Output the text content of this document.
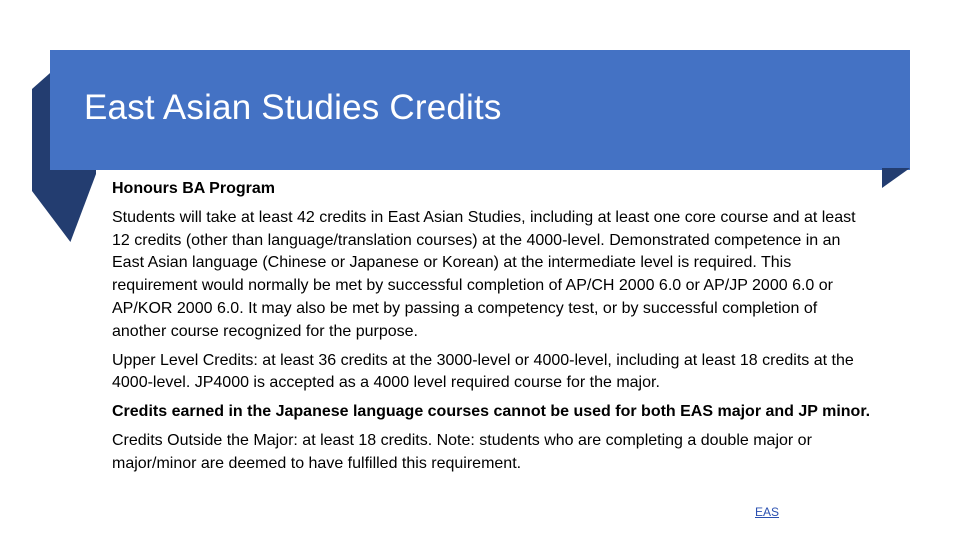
East Asian Studies Credits

Honours BA Program

Students will take at least 42 credits in East Asian Studies, including at least one core course and at least 12 credits (other than language/translation courses) at the 4000-level. Demonstrated competence in an East Asian language (Chinese or Japanese or Korean) at the intermediate level is required. This requirement would normally be met by successful completion of AP/CH 2000 6.0 or AP/JP 2000 6.0 or AP/KOR 2000 6.0. It may also be met by passing a competency test, or by successful completion of another course recognized for the purpose.

Upper Level Credits: at least 36 credits at the 3000-level or 4000-level, including at least 18 credits at the 4000-level. JP4000 is accepted as a 4000 level required course for the major.

Credits earned in the Japanese language courses cannot be used for both EAS major and JP minor.

Credits Outside the Major: at least 18 credits. Note: students who are completing a double major or major/minor are deemed to have fulfilled this requirement.

EAS
